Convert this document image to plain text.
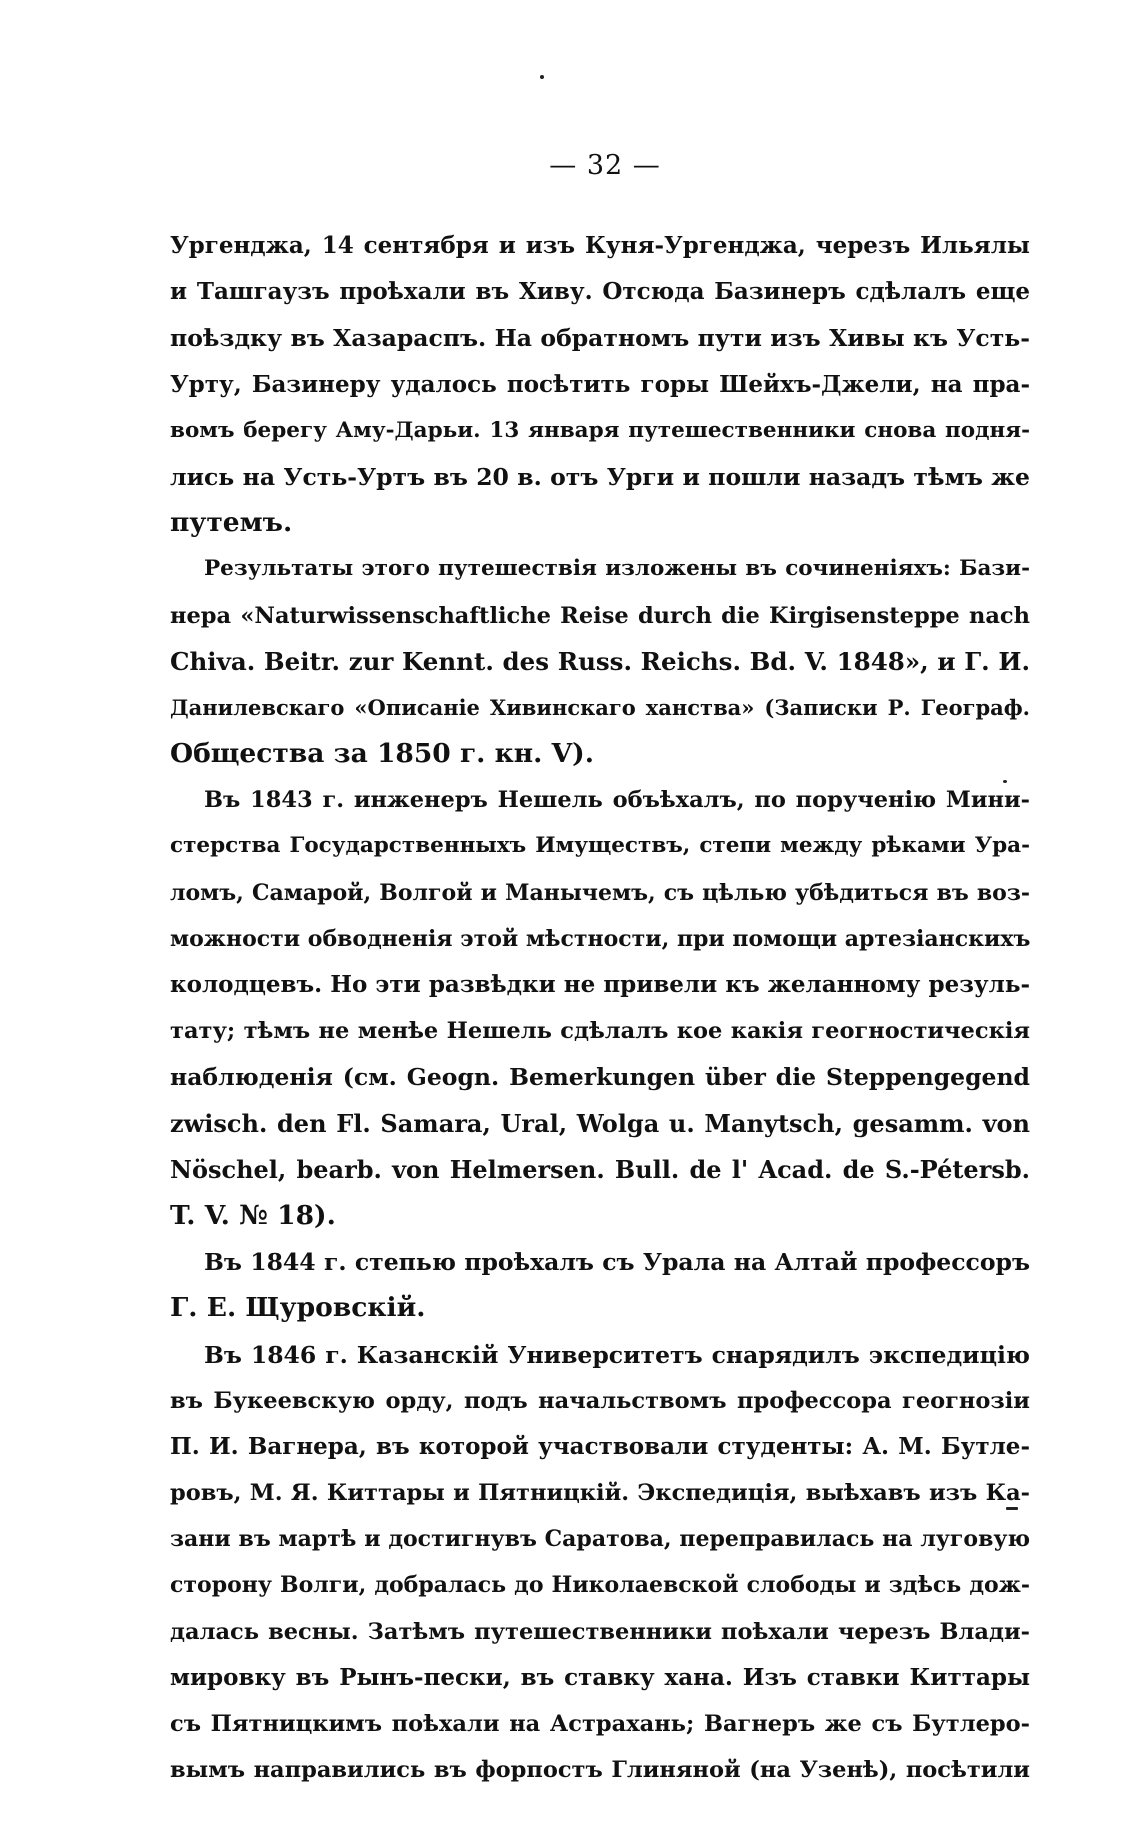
— 32 —
Ургенджа, 14 сентября и изъ Куня-Ургенджа, черезъ Ильялы
и Ташгаузъ проѣхали въ Хиву. Отсюда Базинеръ сдѣлалъ еще
поѣздку въ Хазараспъ. На обратномъ пути изъ Хивы къ Усть-
Урту, Базинеру удалось посѣтить горы Шейхъ-Джели, на пра-
вомъ берегу Аму-Дарьи. 13 января путешественники снова подня-
лись на Усть-Уртъ въ 20 в. отъ Урги и пошли назадъ тѣмъ же
путемъ.
Результаты этого путешествія изложены въ сочиненіяхъ: Бази-
нера «Naturwissenschaftliche Reise durch die Kirgisensteppe nach
Chiva. Beitr. zur Kennt. des Russ. Reichs. Bd. V. 1848», и Г. И.
Данилевскаго «Описаніе Хивинскаго ханства» (Записки Р. Географ.
Общества за 1850 г. кн. V).
Въ 1843 г. инженеръ Нешель объѣхалъ, по порученію Мини-
стерства Государственныхъ Имуществъ, степи между рѣками Ура-
ломъ, Самарой, Волгой и Манычемъ, съ цѣлью убѣдиться въ воз-
можности обводненія этой мѣстности, при помощи артезіанскихъ
колодцевъ. Но эти развѣдки не привели къ желанному резуль-
тату; тѣмъ не менѣе Нешель сдѣлалъ кое какія геогностическія
наблюденія (см. Geogn. Bemerkungen über die Steppengegend
zwisch. den Fl. Samara, Ural, Wolga u. Manytsch, gesamm. von
Nöschel, bearb. von Helmersen. Bull. de l' Acad. de S.-Pétersb.
T. V. № 18).
Въ 1844 г. степью проѣхалъ съ Урала на Алтай профессоръ
Г. Е. Щуровскій.
Въ 1846 г. Казанскій Университетъ снарядилъ экспедицію
въ Букеевскую орду, подъ начальствомъ профессора геогнозіи
П. И. Вагнера, въ которой участвовали студенты: А. М. Бутле-
ровъ, М. Я. Киттары и Пятницкій. Экспедиція, выѣхавъ изъ Ка-
зани въ мартѣ и достигнувъ Саратова, переправилась на луговую
сторону Волги, добралась до Николаевской слободы и здѣсь дож-
далась весны. Затѣмъ путешественники поѣхали черезъ Влади-
мировку въ Рынъ-пески, въ ставку хана. Изъ ставки Киттары
съ Пятницкимъ поѣхали на Астрахань; Вагнеръ же съ Бутлеро-
вымъ направились въ форпостъ Глиняной (на Узенѣ), посѣтили
